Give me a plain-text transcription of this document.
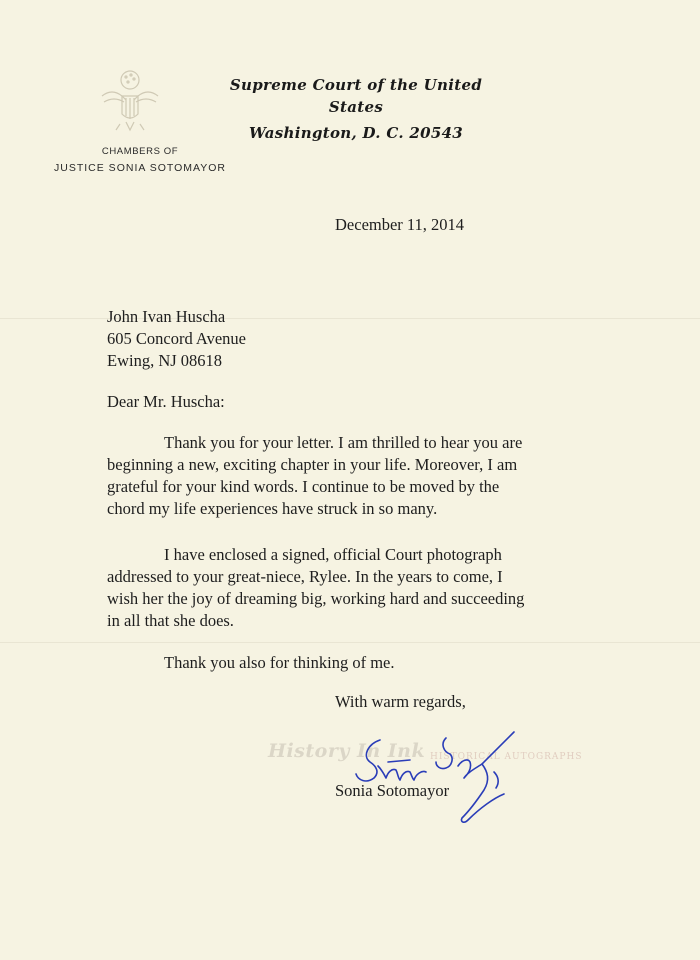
CHAMBERS OF
JUSTICE SONIA SOTOMAYOR
Supreme Court of the United States
Washington, D. C. 20543
December 11, 2014
John Ivan Huscha
605 Concord Avenue
Ewing, NJ 08618
Dear Mr. Huscha:
Thank you for your letter. I am thrilled to hear you are
beginning a new, exciting chapter in your life. Moreover, I am
grateful for your kind words. I continue to be moved by the
chord my life experiences have struck in so many.
I have enclosed a signed, official Court photograph
addressed to your great-niece, Rylee. In the years to come, I
wish her the joy of dreaming big, working hard and succeeding
in all that she does.
Thank you also for thinking of me.
With warm regards,
History In Ink HISTORICAL AUTOGRAPHS
Sonia Sotomayor
